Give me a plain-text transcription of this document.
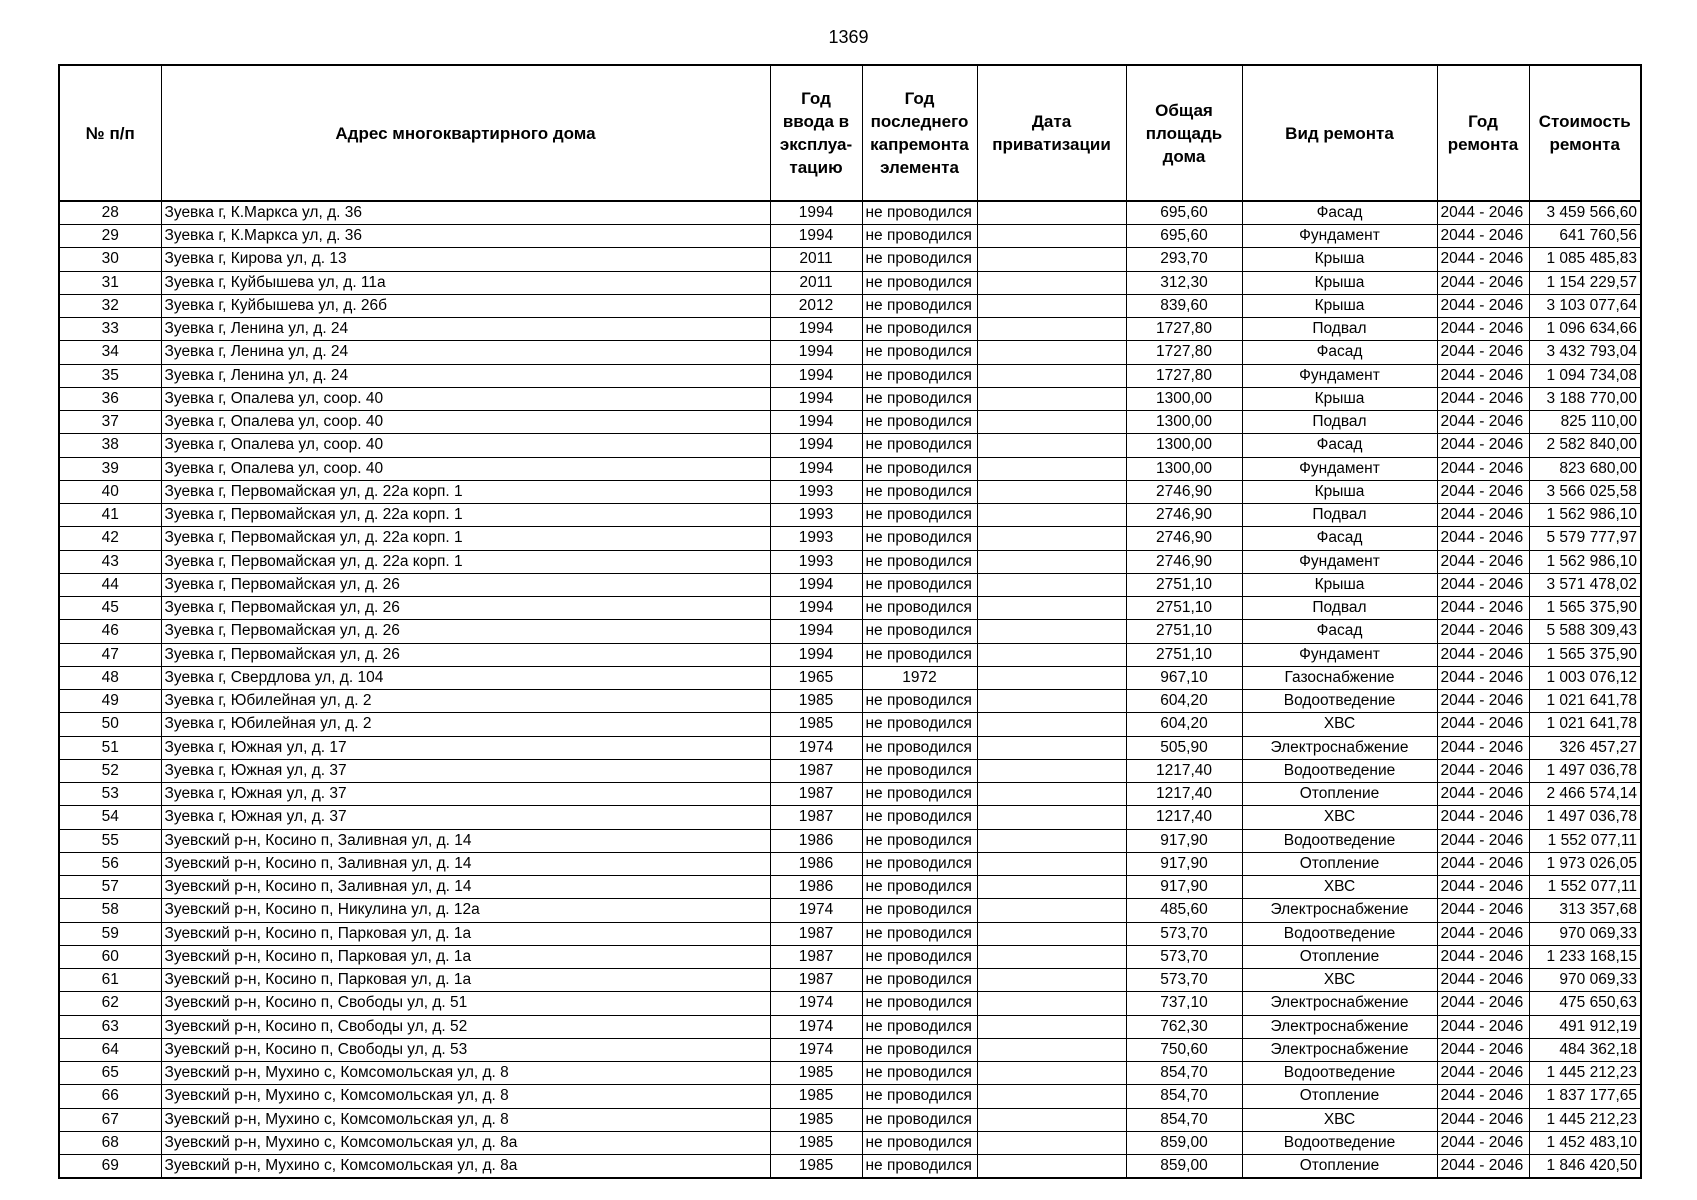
1369
№ п/п	Адрес многоквартирного дома	Год ввода в эксплуа-тацию	Год последнего капремонта элемента	Дата приватизации	Общая площадь дома	Вид ремонта	Год ремонта	Стоимость ремонта
28	Зуевка г, К.Маркса ул, д. 36	1994	не проводился		695,60	Фасад	2044 - 2046	3 459 566,60
29	Зуевка г, К.Маркса ул, д. 36	1994	не проводился		695,60	Фундамент	2044 - 2046	641 760,56
30	Зуевка г, Кирова ул, д. 13	2011	не проводился		293,70	Крыша	2044 - 2046	1 085 485,83
31	Зуевка г, Куйбышева ул, д. 11а	2011	не проводился		312,30	Крыша	2044 - 2046	1 154 229,57
32	Зуевка г, Куйбышева ул, д. 26б	2012	не проводился		839,60	Крыша	2044 - 2046	3 103 077,64
33	Зуевка г, Ленина ул, д. 24	1994	не проводился		1727,80	Подвал	2044 - 2046	1 096 634,66
34	Зуевка г, Ленина ул, д. 24	1994	не проводился		1727,80	Фасад	2044 - 2046	3 432 793,04
35	Зуевка г, Ленина ул, д. 24	1994	не проводился		1727,80	Фундамент	2044 - 2046	1 094 734,08
36	Зуевка г, Опалева ул, соор. 40	1994	не проводился		1300,00	Крыша	2044 - 2046	3 188 770,00
37	Зуевка г, Опалева ул, соор. 40	1994	не проводился		1300,00	Подвал	2044 - 2046	825 110,00
38	Зуевка г, Опалева ул, соор. 40	1994	не проводился		1300,00	Фасад	2044 - 2046	2 582 840,00
39	Зуевка г, Опалева ул, соор. 40	1994	не проводился		1300,00	Фундамент	2044 - 2046	823 680,00
40	Зуевка г, Первомайская ул, д. 22а корп. 1	1993	не проводился		2746,90	Крыша	2044 - 2046	3 566 025,58
41	Зуевка г, Первомайская ул, д. 22а корп. 1	1993	не проводился		2746,90	Подвал	2044 - 2046	1 562 986,10
42	Зуевка г, Первомайская ул, д. 22а корп. 1	1993	не проводился		2746,90	Фасад	2044 - 2046	5 579 777,97
43	Зуевка г, Первомайская ул, д. 22а корп. 1	1993	не проводился		2746,90	Фундамент	2044 - 2046	1 562 986,10
44	Зуевка г, Первомайская ул, д. 26	1994	не проводился		2751,10	Крыша	2044 - 2046	3 571 478,02
45	Зуевка г, Первомайская ул, д. 26	1994	не проводился		2751,10	Подвал	2044 - 2046	1 565 375,90
46	Зуевка г, Первомайская ул, д. 26	1994	не проводился		2751,10	Фасад	2044 - 2046	5 588 309,43
47	Зуевка г, Первомайская ул, д. 26	1994	не проводился		2751,10	Фундамент	2044 - 2046	1 565 375,90
48	Зуевка г, Свердлова ул, д. 104	1965	1972		967,10	Газоснабжение	2044 - 2046	1 003 076,12
49	Зуевка г, Юбилейная ул, д. 2	1985	не проводился		604,20	Водоотведение	2044 - 2046	1 021 641,78
50	Зуевка г, Юбилейная ул, д. 2	1985	не проводился		604,20	ХВС	2044 - 2046	1 021 641,78
51	Зуевка г, Южная ул, д. 17	1974	не проводился		505,90	Электроснабжение	2044 - 2046	326 457,27
52	Зуевка г, Южная ул, д. 37	1987	не проводился		1217,40	Водоотведение	2044 - 2046	1 497 036,78
53	Зуевка г, Южная ул, д. 37	1987	не проводился		1217,40	Отопление	2044 - 2046	2 466 574,14
54	Зуевка г, Южная ул, д. 37	1987	не проводился		1217,40	ХВС	2044 - 2046	1 497 036,78
55	Зуевский р-н, Косино п, Заливная ул, д. 14	1986	не проводился		917,90	Водоотведение	2044 - 2046	1 552 077,11
56	Зуевский р-н, Косино п, Заливная ул, д. 14	1986	не проводился		917,90	Отопление	2044 - 2046	1 973 026,05
57	Зуевский р-н, Косино п, Заливная ул, д. 14	1986	не проводился		917,90	ХВС	2044 - 2046	1 552 077,11
58	Зуевский р-н, Косино п, Никулина ул, д. 12а	1974	не проводился		485,60	Электроснабжение	2044 - 2046	313 357,68
59	Зуевский р-н, Косино п, Парковая ул, д. 1а	1987	не проводился		573,70	Водоотведение	2044 - 2046	970 069,33
60	Зуевский р-н, Косино п, Парковая ул, д. 1а	1987	не проводился		573,70	Отопление	2044 - 2046	1 233 168,15
61	Зуевский р-н, Косино п, Парковая ул, д. 1а	1987	не проводился		573,70	ХВС	2044 - 2046	970 069,33
62	Зуевский р-н, Косино п, Свободы ул, д. 51	1974	не проводился		737,10	Электроснабжение	2044 - 2046	475 650,63
63	Зуевский р-н, Косино п, Свободы ул, д. 52	1974	не проводился		762,30	Электроснабжение	2044 - 2046	491 912,19
64	Зуевский р-н, Косино п, Свободы ул, д. 53	1974	не проводился		750,60	Электроснабжение	2044 - 2046	484 362,18
65	Зуевский р-н, Мухино с, Комсомольская ул, д. 8	1985	не проводился		854,70	Водоотведение	2044 - 2046	1 445 212,23
66	Зуевский р-н, Мухино с, Комсомольская ул, д. 8	1985	не проводился		854,70	Отопление	2044 - 2046	1 837 177,65
67	Зуевский р-н, Мухино с, Комсомольская ул, д. 8	1985	не проводился		854,70	ХВС	2044 - 2046	1 445 212,23
68	Зуевский р-н, Мухино с, Комсомольская ул, д. 8а	1985	не проводился		859,00	Водоотведение	2044 - 2046	1 452 483,10
69	Зуевский р-н, Мухино с, Комсомольская ул, д. 8а	1985	не проводился		859,00	Отопление	2044 - 2046	1 846 420,50
